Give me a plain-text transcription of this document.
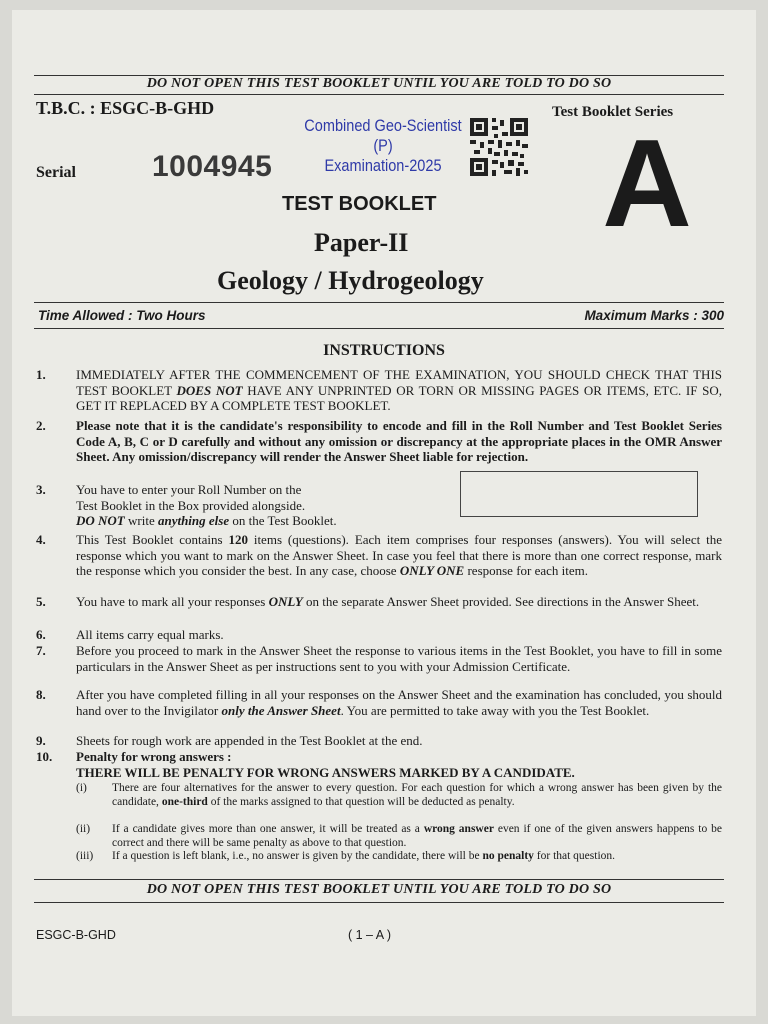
DO NOT OPEN THIS TEST BOOKLET UNTIL YOU ARE TOLD TO DO SO
T.B.C. : ESGC-B-GHD
Serial	1004945
Combined Geo-Scientist (P)
Examination-2025
Test Booklet Series
A
TEST BOOKLET
Paper-II
Geology / Hydrogeology
Time Allowed : Two Hours	Maximum Marks : 300
INSTRUCTIONS
1. IMMEDIATELY AFTER THE COMMENCEMENT OF THE EXAMINATION, YOU SHOULD CHECK THAT THIS TEST BOOKLET DOES NOT HAVE ANY UNPRINTED OR TORN OR MISSING PAGES OR ITEMS, ETC. IF SO, GET IT REPLACED BY A COMPLETE TEST BOOKLET.
2. Please note that it is the candidate's responsibility to encode and fill in the Roll Number and Test Booklet Series Code A, B, C or D carefully and without any omission or discrepancy at the appropriate places in the OMR Answer Sheet. Any omission/discrepancy will render the Answer Sheet liable for rejection.
3. You have to enter your Roll Number on the
Test Booklet in the Box provided alongside.
DO NOT write anything else on the Test Booklet.
4. This Test Booklet contains 120 items (questions). Each item comprises four responses (answers). You will select the response which you want to mark on the Answer Sheet. In case you feel that there is more than one correct response, mark the response which you consider the best. In any case, choose ONLY ONE response for each item.
5. You have to mark all your responses ONLY on the separate Answer Sheet provided. See directions in the Answer Sheet.
6. All items carry equal marks.
7. Before you proceed to mark in the Answer Sheet the response to various items in the Test Booklet, you have to fill in some particulars in the Answer Sheet as per instructions sent to you with your Admission Certificate.
8. After you have completed filling in all your responses on the Answer Sheet and the examination has concluded, you should hand over to the Invigilator only the Answer Sheet. You are permitted to take away with you the Test Booklet.
9. Sheets for rough work are appended in the Test Booklet at the end.
10. Penalty for wrong answers :
THERE WILL BE PENALTY FOR WRONG ANSWERS MARKED BY A CANDIDATE.
(i) There are four alternatives for the answer to every question. For each question for which a wrong answer has been given by the candidate, one-third of the marks assigned to that question will be deducted as penalty.
(ii) If a candidate gives more than one answer, it will be treated as a wrong answer even if one of the given answers happens to be correct and there will be same penalty as above to that question.
(iii) If a question is left blank, i.e., no answer is given by the candidate, there will be no penalty for that question.
DO NOT OPEN THIS TEST BOOKLET UNTIL YOU ARE TOLD TO DO SO
ESGC-B-GHD	( 1 – A )
